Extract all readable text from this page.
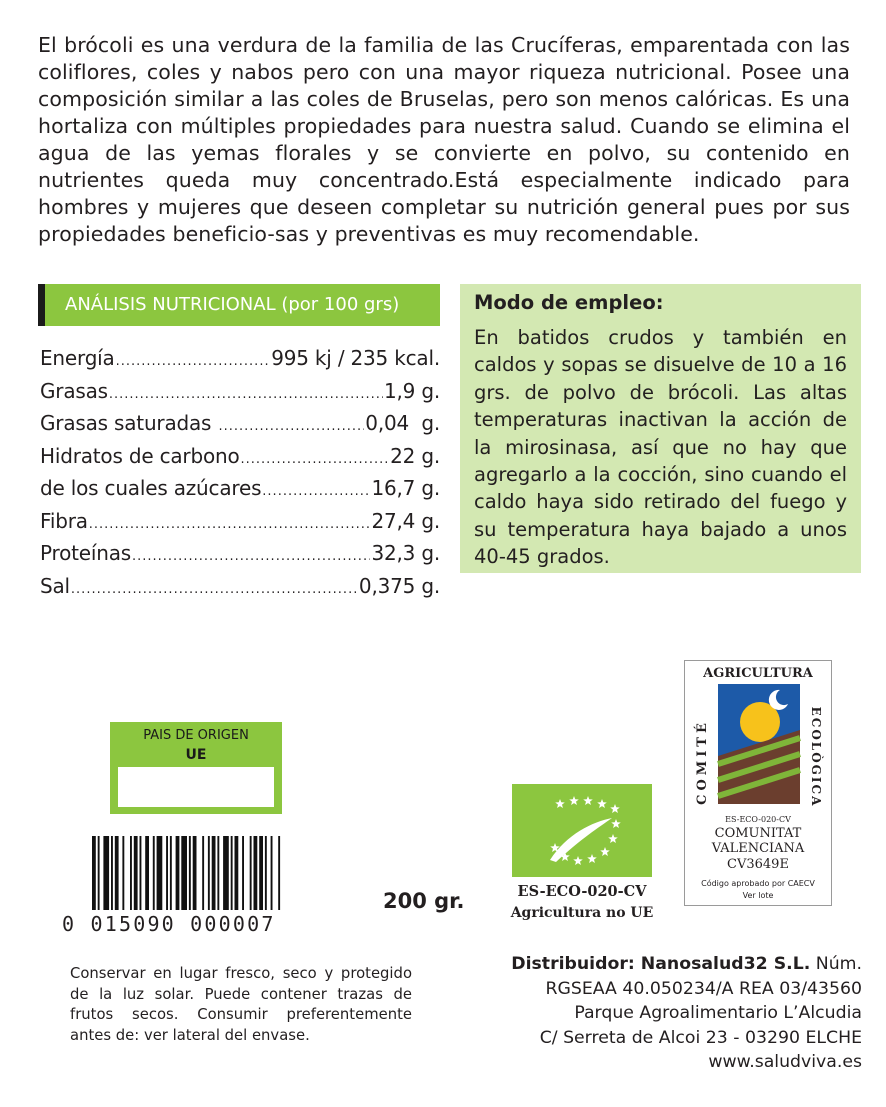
El brócoli es una verdura de la familia de las Crucíferas, emparentada con las coliflores, coles y nabos pero con una mayor riqueza nutricional. Posee una composición similar a las coles de Bruselas, pero son menos calóricas. Es una hortaliza con múltiples propiedades para nuestra salud. Cuando se elimina el agua de las yemas florales y se convierte en polvo, su contenido en nutrientes queda muy concentrado.Está especialmente indicado para hombres y mujeres que deseen completar su nutrición general pues por sus propiedades beneficio-sas y preventivas es muy recomendable.
ANÁLISIS NUTRICIONAL (por 100 grs)
Energía .....	995 kj / 235 kcal.
Grasas .....	1,9 g.
Grasas saturadas .....	0,04  g.
Hidratos de carbono .....	22 g.
de los cuales azúcares .....	16,7 g.
Fibra .....	27,4 g.
Proteínas .....	32,3 g.
Sal .....	0,375 g.
Modo de empleo:
En batidos crudos y también en caldos y sopas se disuelve de 10 a 16 grs. de polvo de brócoli. Las altas temperaturas inactivan la acción de la mirosinasa, así que no hay que agregarlo a la cocción, sino cuando el caldo haya sido retirado del fuego y su temperatura haya bajado a unos 40-45 grados.
PAIS DE ORIGEN
UE
0 015090 000007
200 gr.	ES-ECO-020-CV
Agricultura no UE
AGRICULTURA
COMITÉ	ECOLÒGICA
ES-ECO-020-CV
COMUNITAT
VALENCIANA
CV3649E
Código aprobado por CAECV
Ver lote
Conservar en lugar fresco, seco y protegido de la luz solar. Puede contener trazas de frutos secos. Consumir preferentemente antes de: ver lateral del envase.
Distribuidor: Nanosalud32 S.L. Núm.
RGSEAA 40.050234/A REA 03/43560
Parque Agroalimentario L’Alcudia
C/ Serreta de Alcoi 23 - 03290 ELCHE
www.saludviva.es
